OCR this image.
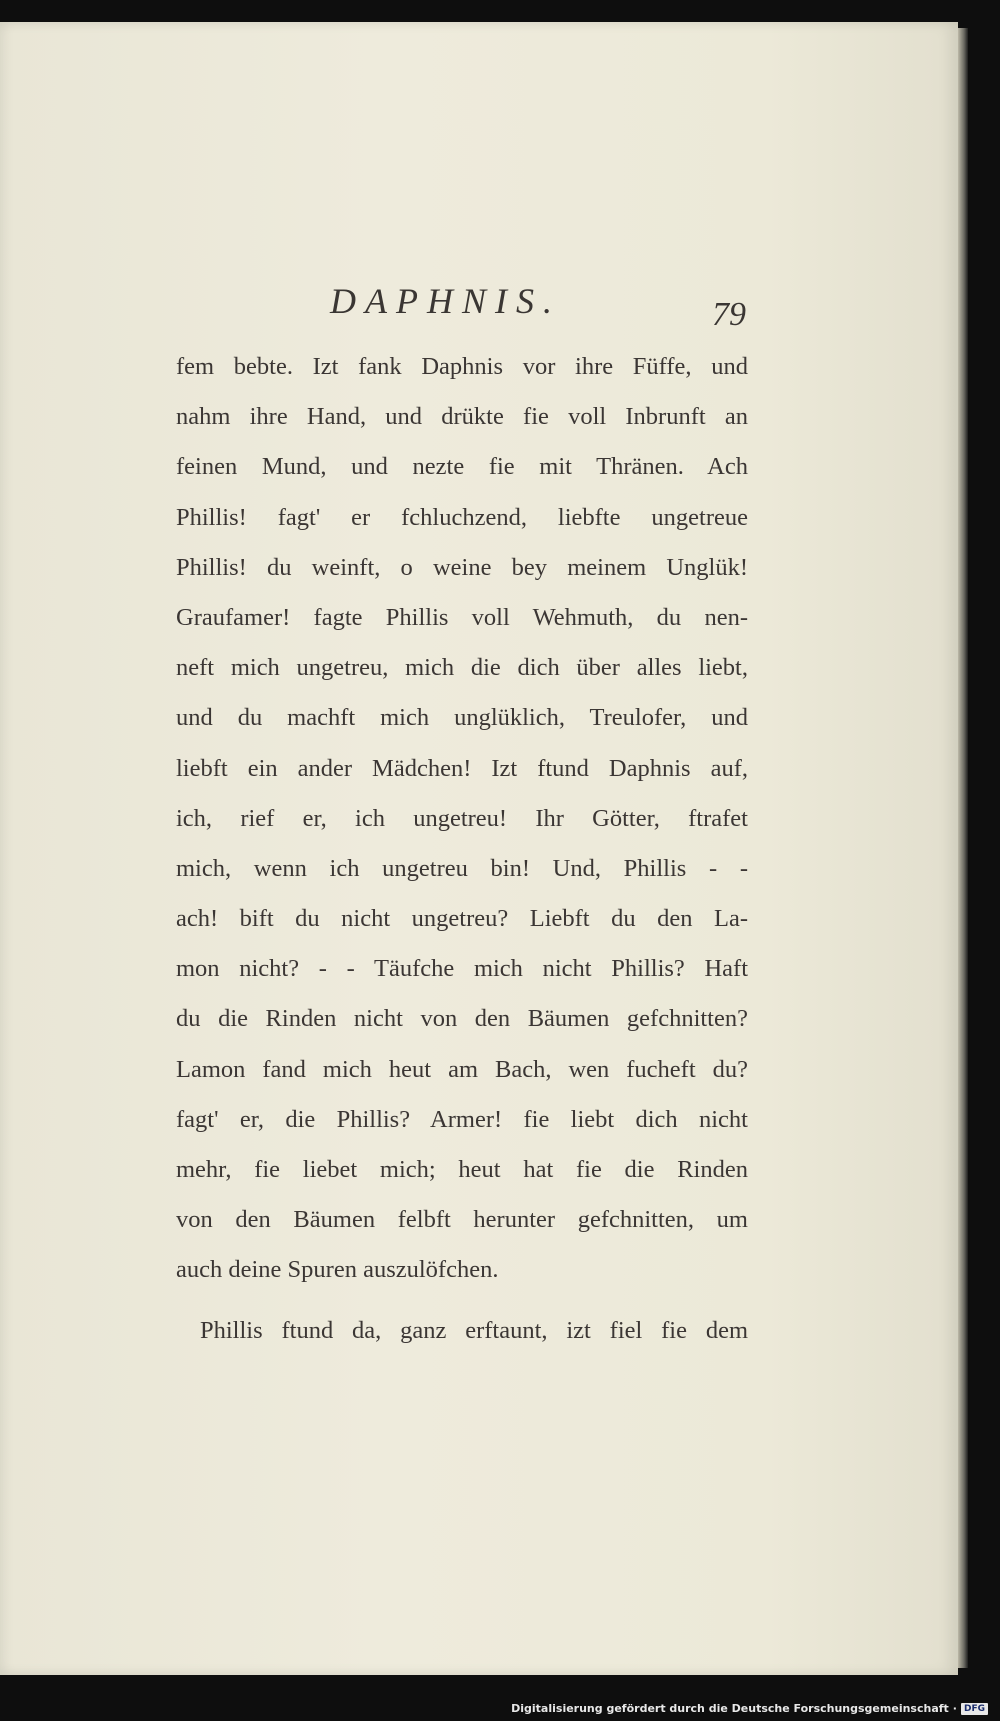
DAPHNIS.	79
fem bebte. Izt fank Daphnis vor ihre Füffe, und
nahm ihre Hand, und drükte fie voll Inbrunft an
feinen Mund, und nezte fie mit Thränen. Ach
Phillis! fagt' er fchluchzend, liebfte ungetreue
Phillis! du weinft, o weine bey meinem Unglük!
Graufamer! fagte Phillis voll Wehmuth, du nen-
neft mich ungetreu, mich die dich über alles liebt,
und du machft mich unglüklich, Treulofer, und
liebft ein ander Mädchen! Izt ftund Daphnis auf,
ich, rief er, ich ungetreu! Ihr Götter, ftrafet
mich, wenn ich ungetreu bin! Und, Phillis - -
ach! bift du nicht ungetreu? Liebft du den La-
mon nicht? - - Täufche mich nicht Phillis? Haft
du die Rinden nicht von den Bäumen gefchnitten?
Lamon fand mich heut am Bach, wen fucheft du?
fagt' er, die Phillis? Armer! fie liebt dich nicht
mehr, fie liebet mich; heut hat fie die Rinden
von den Bäumen felbft herunter gefchnitten, um
auch deine Spuren auszulöfchen.
Phillis ftund da, ganz erftaunt, izt fiel fie dem
Digitalisierung gefördert durch die Deutsche Forschungsgemeinschaft · DFG
